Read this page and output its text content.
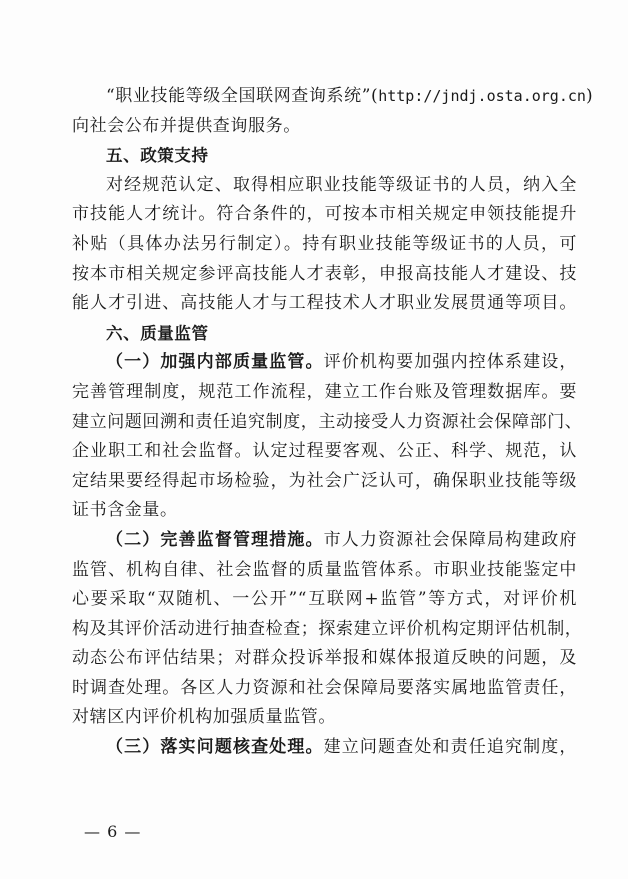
“职业技能等级全国联网查询系统”(http://jndj.osta.org.cn)
向社会公布并提供查询服务。
五、政策支持
对经规范认定、取得相应职业技能等级证书的人员，纳入全
市技能人才统计。符合条件的，可按本市相关规定申领技能提升
补贴（具体办法另行制定）。持有职业技能等级证书的人员，可
按本市相关规定参评高技能人才表彰，申报高技能人才建设、技
能人才引进、高技能人才与工程技术人才职业发展贯通等项目。
六、质量监管
（一）加强内部质量监管。评价机构要加强内控体系建设，
完善管理制度，规范工作流程，建立工作台账及管理数据库。要
建立问题回溯和责任追究制度，主动接受人力资源社会保障部门、
企业职工和社会监督。认定过程要客观、公正、科学、规范，认
定结果要经得起市场检验，为社会广泛认可，确保职业技能等级
证书含金量。
（二）完善监督管理措施。市人力资源社会保障局构建政府
监管、机构自律、社会监督的质量监管体系。市职业技能鉴定中
心要采取“双随机、一公开”“互联网+监管”等方式，对评价机
构及其评价活动进行抽查检查；探索建立评价机构定期评估机制，
动态公布评估结果；对群众投诉举报和媒体报道反映的问题，及
时调查处理。各区人力资源和社会保障局要落实属地监管责任，
对辖区内评价机构加强质量监管。
（三）落实问题核查处理。建立问题查处和责任追究制度，
— 6 —
